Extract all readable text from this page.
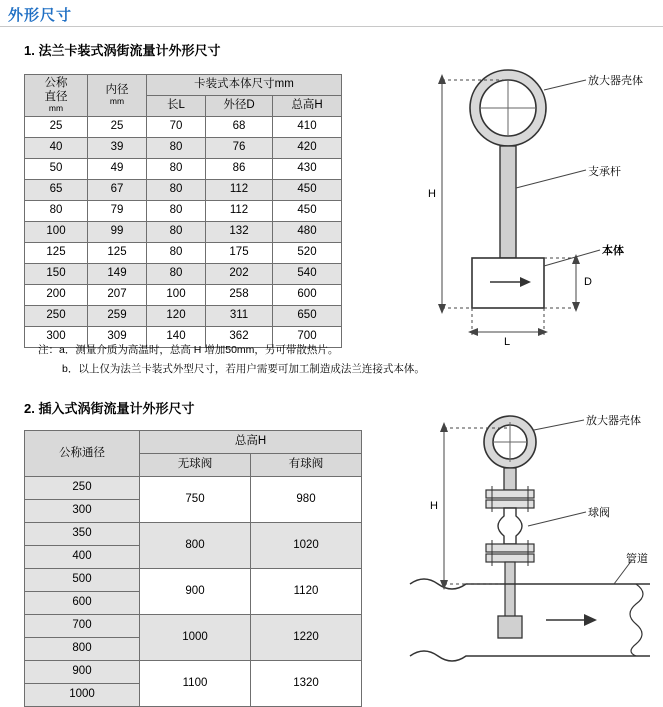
外形尺寸
1. 法兰卡装式涡街流量计外形尺寸
公称
直径
mm

内径
mm
	卡装式本体尺寸mm
		长L	外径D	总高H
25	25	70	68	410
40	39	80	76	420
50	49	80	86	430
65	67	80	112	450
80	79	80	112	450
100	99	80	132	480
125	125	80	175	520
150	149	80	202	540
200	207	100	258	600
250	259	120	311	650
300	309	140	362	700
注：a．测量介质为高温时，总高 H 增加50mm，另可带散热片。
b．以上仅为法兰卡装式外型尺寸，若用户需要可加工制造成法兰连接式本体。
2. 插入式涡街流量计外形尺寸
公称通径	总高H	
	无球阀	有球阀
250	750	980
300		
350	800	1020
400		
500	900	1120
600		
700	1000	1220
800		
900	1100	1320
1000		
放大器壳体
支承杆
本体
H
D
L
放大器壳体
球阀
管道
H
